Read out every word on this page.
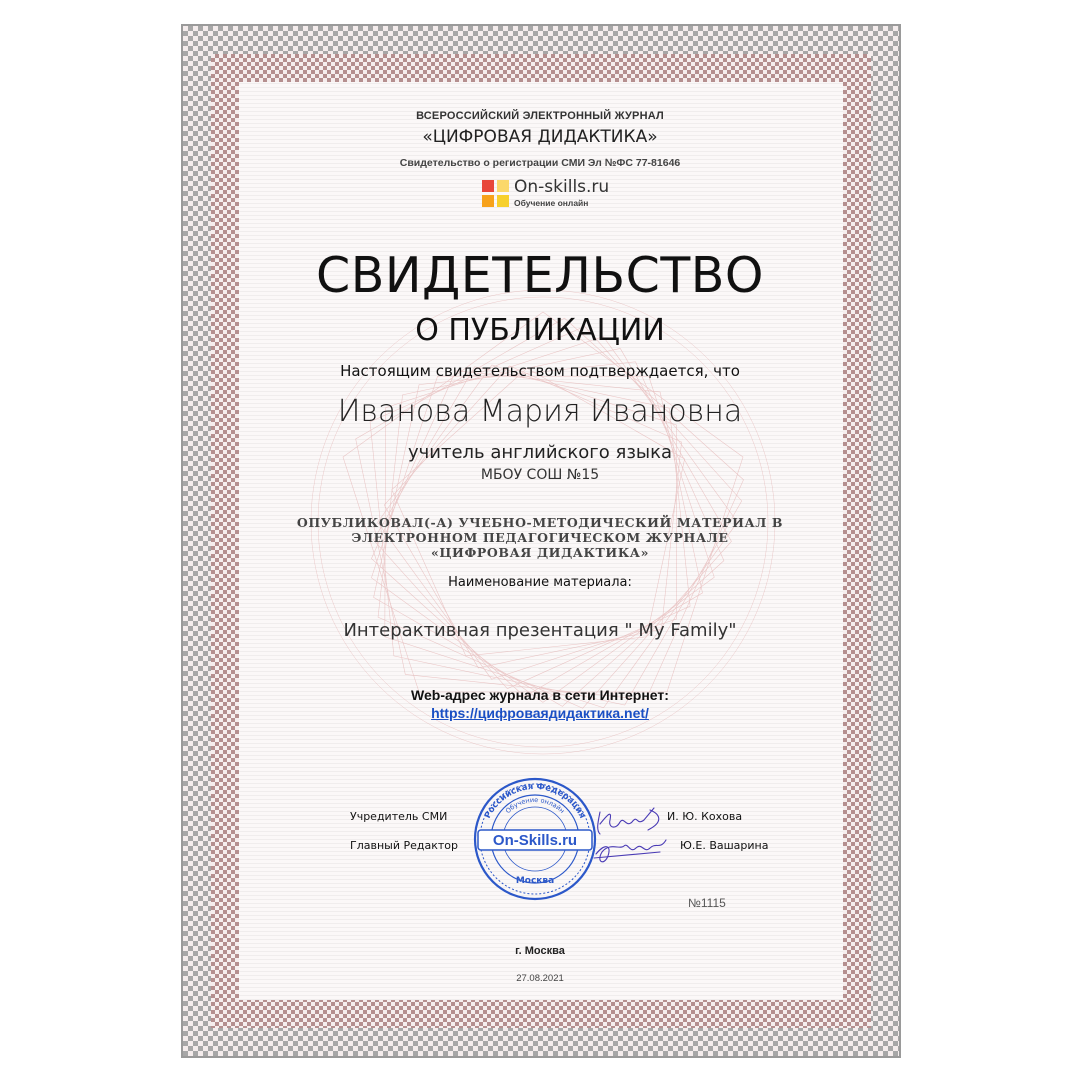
ВСЕРОССИЙСКИЙ ЭЛЕКТРОННЫЙ ЖУРНАЛ
«ЦИФРОВАЯ ДИДАКТИКА»
Свидетельство о регистрации СМИ Эл №ФС 77-81646
On-skills.ru
Обучение онлайн
СВИДЕТЕЛЬСТВО
О ПУБЛИКАЦИИ
Настоящим свидетельством подтверждается, что
Иванова Мария Ивановна
учитель английского языка
МБОУ СОШ №15
ОПУБЛИКОВАЛ(-А) УЧЕБНО-МЕТОДИЧЕСКИЙ МАТЕРИАЛ В
ЭЛЕКТРОННОМ ПЕДАГОГИЧЕСКОМ ЖУРНАЛЕ
«ЦИФРОВАЯ ДИДАКТИКА»
Наименование материала:
Интерактивная презентация " My Family"
Web-адрес журнала в сети Интернет:
https://цифроваядидактика.net/
Учредитель СМИ
Главный Редактор
И. Ю. Кохова
Ю.Е. Вашарина
Российская Федерация
Обучение онлайн
On-Skills.ru
Москва
№1115
г. Москва
27.08.2021
